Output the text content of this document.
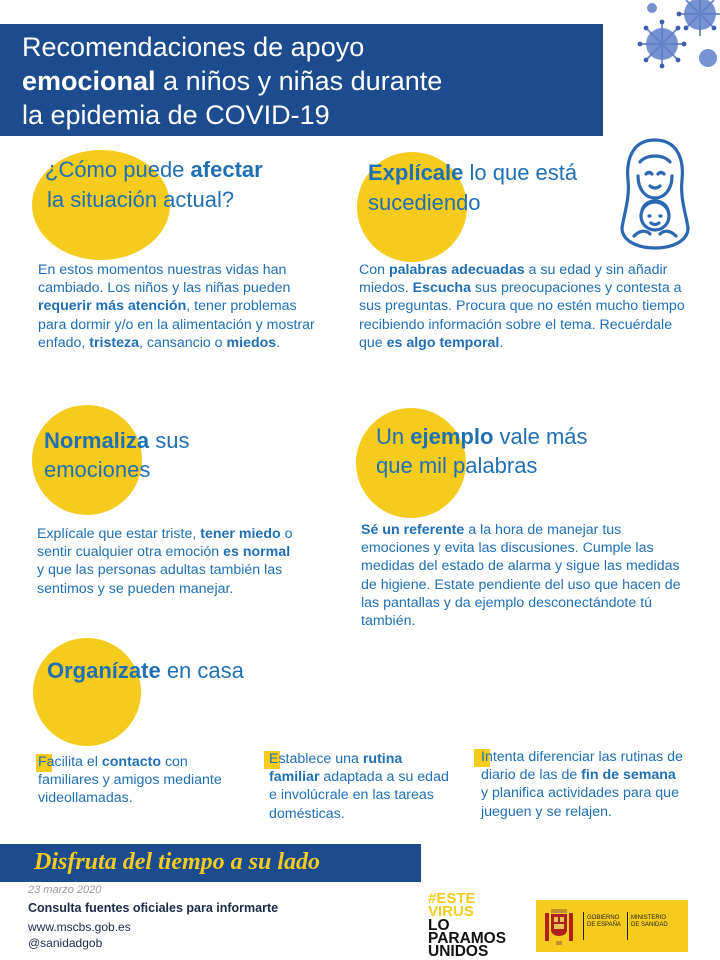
Recomendaciones de apoyo
emocional a niños y niñas durante
la epidemia de COVID-19
¿Cómo puede afectar
la situación actual?
En estos momentos nuestras vidas han cambiado. Los niños y las niñas pueden requerir más atención, tener problemas para dormir y/o en la alimentación y mostrar enfado, tristeza, cansancio o miedos.
Explícale lo que está
sucediendo
Con palabras adecuadas a su edad y sin añadir miedos. Escucha sus preocupaciones y contesta a sus preguntas. Procura que no estén mucho tiempo recibiendo información sobre el tema. Recuérdale que es algo temporal.
Normaliza sus
emociones
Explícale que estar triste, tener miedo o sentir cualquier otra emoción es normal y que las personas adultas también las sentimos y se pueden manejar.
Un ejemplo vale más
que mil palabras
Sé un referente a la hora de manejar tus emociones y evita las discusiones. Cumple las medidas del estado de alarma y sigue las medidas de higiene. Estate pendiente del uso que hacen de las pantallas y da ejemplo desconectándote tú también.
Organízate en casa
Facilita el contacto con familiares y amigos mediante videollamadas.
Establece una rutina familiar adaptada a su edad e involúcrale en las tareas domésticas.
Intenta diferenciar las rutinas de diario de las de fin de semana y planifica actividades para que jueguen y se relajen.
Disfruta del tiempo a su lado
23 marzo 2020
Consulta fuentes oficiales para informarte
www.mscbs.gob.es
@sanidadgob
#ESTE
VIRUS
LO
PARAMOS
UNIDOS
GOBIERNO
DE ESPAÑA
MINISTERIO
DE SANIDAD
